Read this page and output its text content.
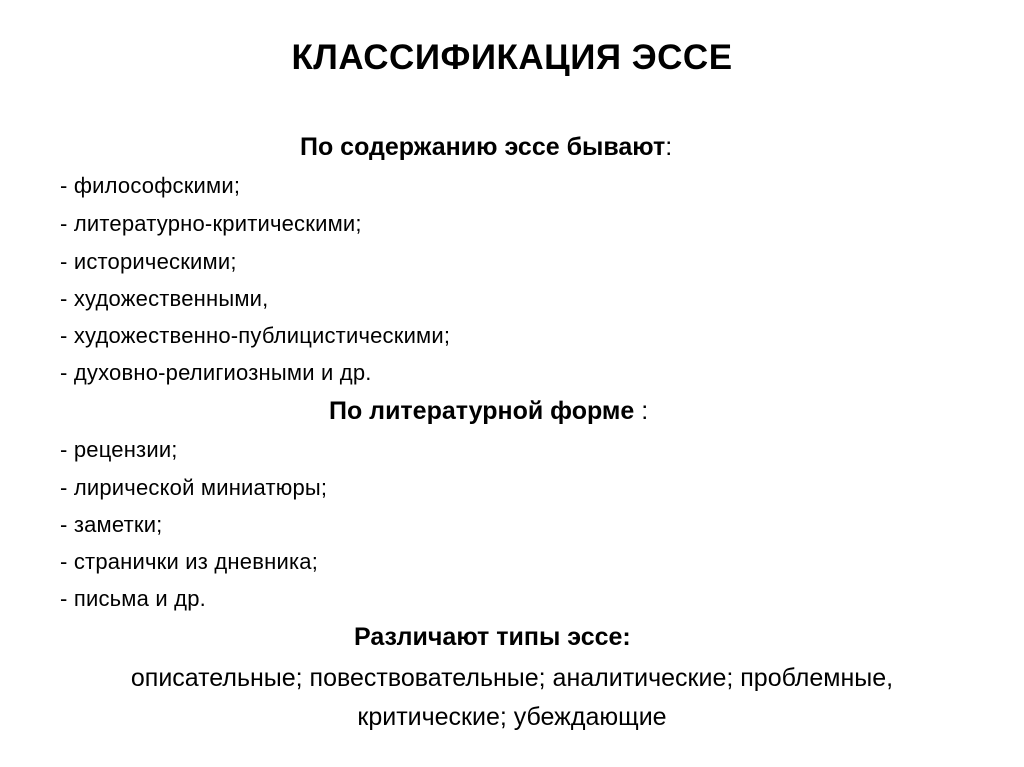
КЛАССИФИКАЦИЯ ЭССЕ
По содержанию эссе бывают:
- философскими;
- литературно-критическими;
- историческими;
- художественными,
- художественно-публицистическими;
- духовно-религиозными и др.
По литературной форме :
- рецензии;
- лирической миниатюры;
- заметки;
- странички из дневника;
- письма и др.
Различают типы эссе:
описательные; повествовательные; аналитические; проблемные,
критические; убеждающие
